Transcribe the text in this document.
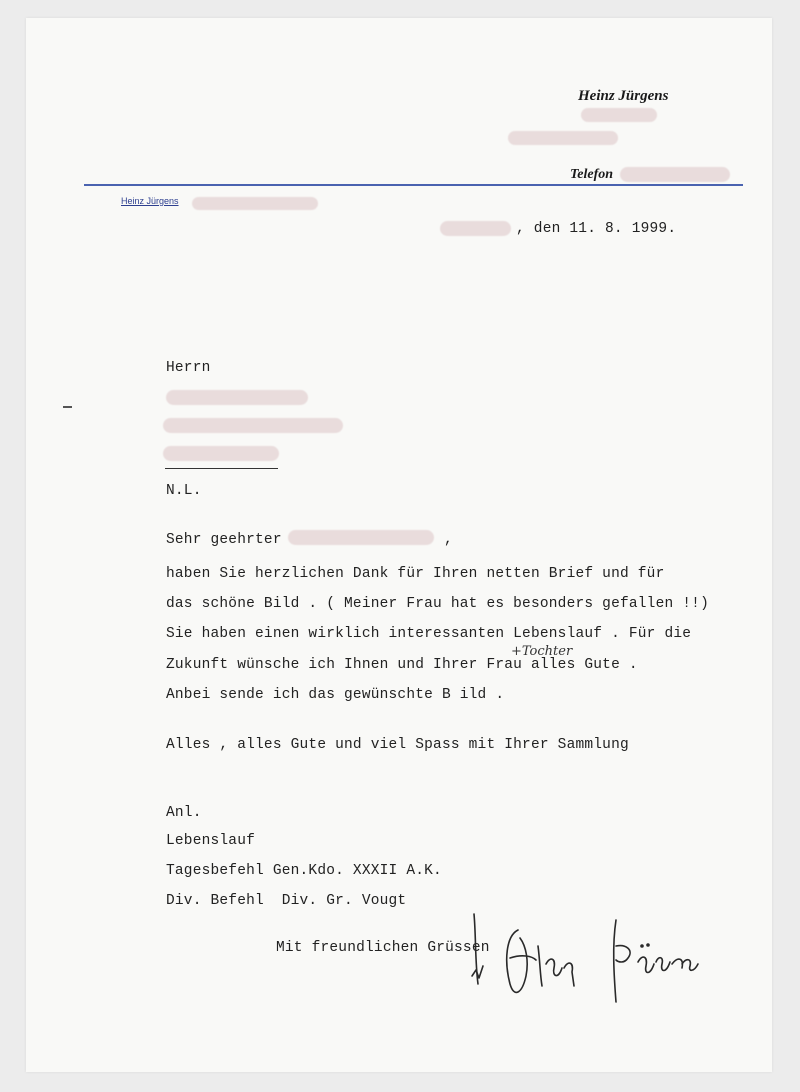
Heinz Jürgens
Telefon
Heinz Jürgens
, den 11. 8. 1999.
Herrn
N.L.
Sehr geehrter	,
haben Sie herzlichen Dank für Ihren netten Brief und für
das schöne Bild . ( Meiner Frau hat es besonders gefallen !!)
Sie haben einen wirklich interessanten Lebenslauf . Für die
+Tochter
Zukunft wünsche ich Ihnen und Ihrer Frau alles Gute .
Anbei sende ich das gewünschte B ild .
Alles , alles Gute und viel Spass mit Ihrer Sammlung
Anl.
Lebenslauf
Tagesbefehl Gen.Kdo. XXXII A.K.
Div. Befehl  Div. Gr. Vougt
Mit freundlichen Grüssen
